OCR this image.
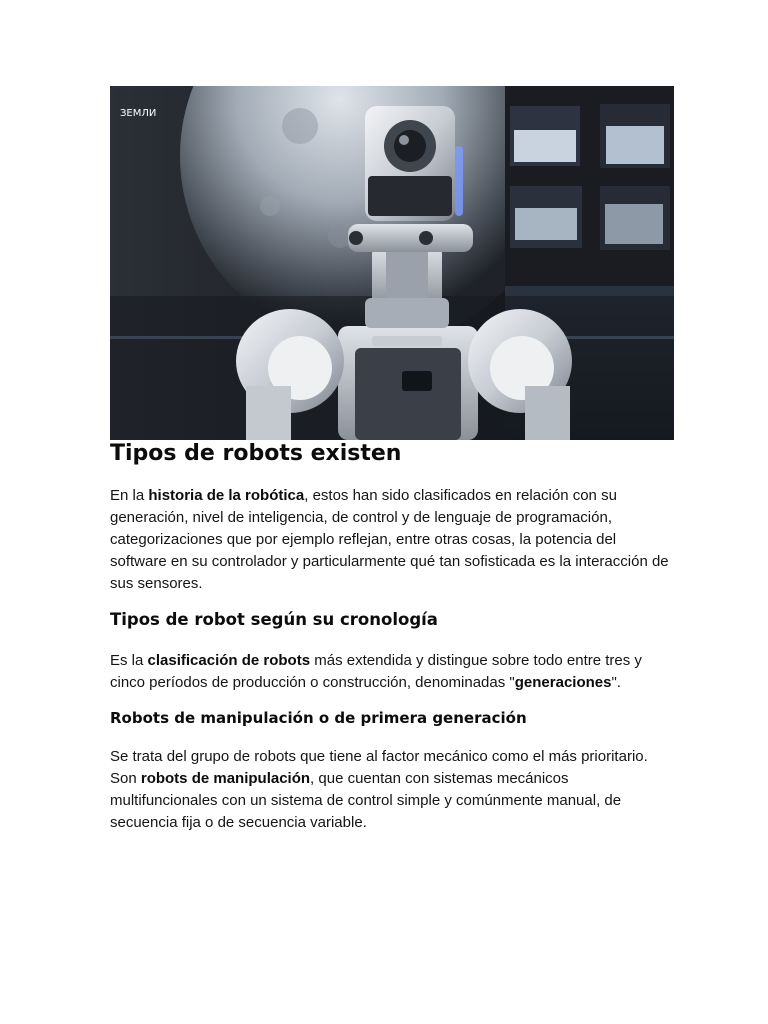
ЗЕМЛИ
Tipos de robots existen

En la historia de la robótica, estos han sido clasificados en relación con su generación, nivel de inteligencia, de control y de lenguaje de programación, categorizaciones que por ejemplo reflejan, entre otras cosas, la potencia del software en su controlador y particularmente qué tan sofisticada es la interacción de sus sensores.

Tipos de robot según su cronología

Es la clasificación de robots más extendida y distingue sobre todo entre tres y cinco períodos de producción o construcción, denominadas "generaciones".

Robots de manipulación o de primera generación

Se trata del grupo de robots que tiene al factor mecánico como el más prioritario. Son robots de manipulación, que cuentan con sistemas mecánicos multifuncionales con un sistema de control simple y comúnmente manual, de secuencia fija o de secuencia variable.
